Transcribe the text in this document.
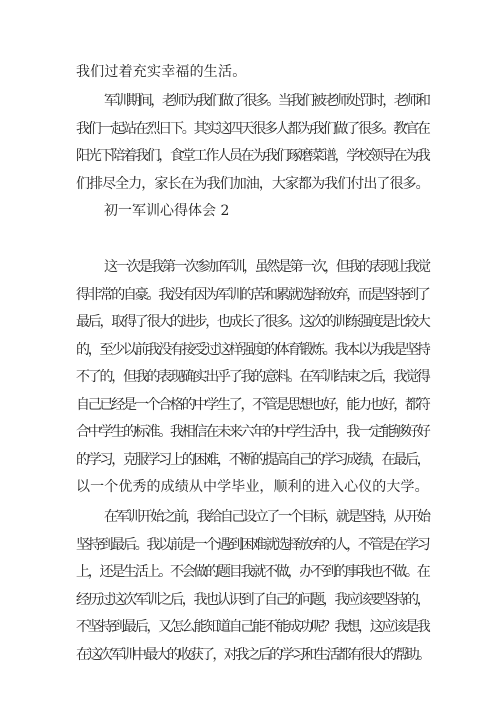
我们过着充实幸福的生活。
军训期间，老师为我们做了很多。当我们被老师处罚时，老师和
我们一起站在烈日下。其实这四天很多人都为我们做了很多。教官在
阳光下陪着我们，食堂工作人员在为我们琢磨菜谱，学校领导在为我
们排尽全力，家长在为我们加油，大家都为我们付出了很多。
初一军训心得体会 2
这一次是我第一次参加军训，虽然是第一次，但我的表现让我觉
得非常的自豪。我没有因为军训的苦和累就选择放弃，而是坚持到了
最后，取得了很大的进步，也成长了很多。这次的训练强度是比较大
的，至少以前我没有接受过这样强度的体育锻炼。我本以为我是坚持
不了的，但我的表现确实出乎了我的意料。在军训结束之后，我觉得
自己已经是一个合格的中学生了，不管是思想也好，能力也好，都符
合中学生的标准。我相信在未来六年的中学生活中，我一定能够好好
的学习，克服学习上的困难，不断的提高自己的学习成绩，在最后，
以一个优秀的成绩从中学毕业，顺利的进入心仪的大学。
在军训开始之前，我给自己设立了一个目标，就是坚持，从开始
坚持到最后。我以前是一个遇到困难就选择放弃的人，不管是在学习
上，还是生活上。不会做的题目我就不做，办不到的事我也不做。在
经历过这次军训之后，我也认识到了自己的问题，我应该要坚持的，
不坚持到最后，又怎么能知道自己能不能成功呢？我想，这应该是我
在这次军训中最大的收获了，对我之后的学习和生活都有很大的帮助。
